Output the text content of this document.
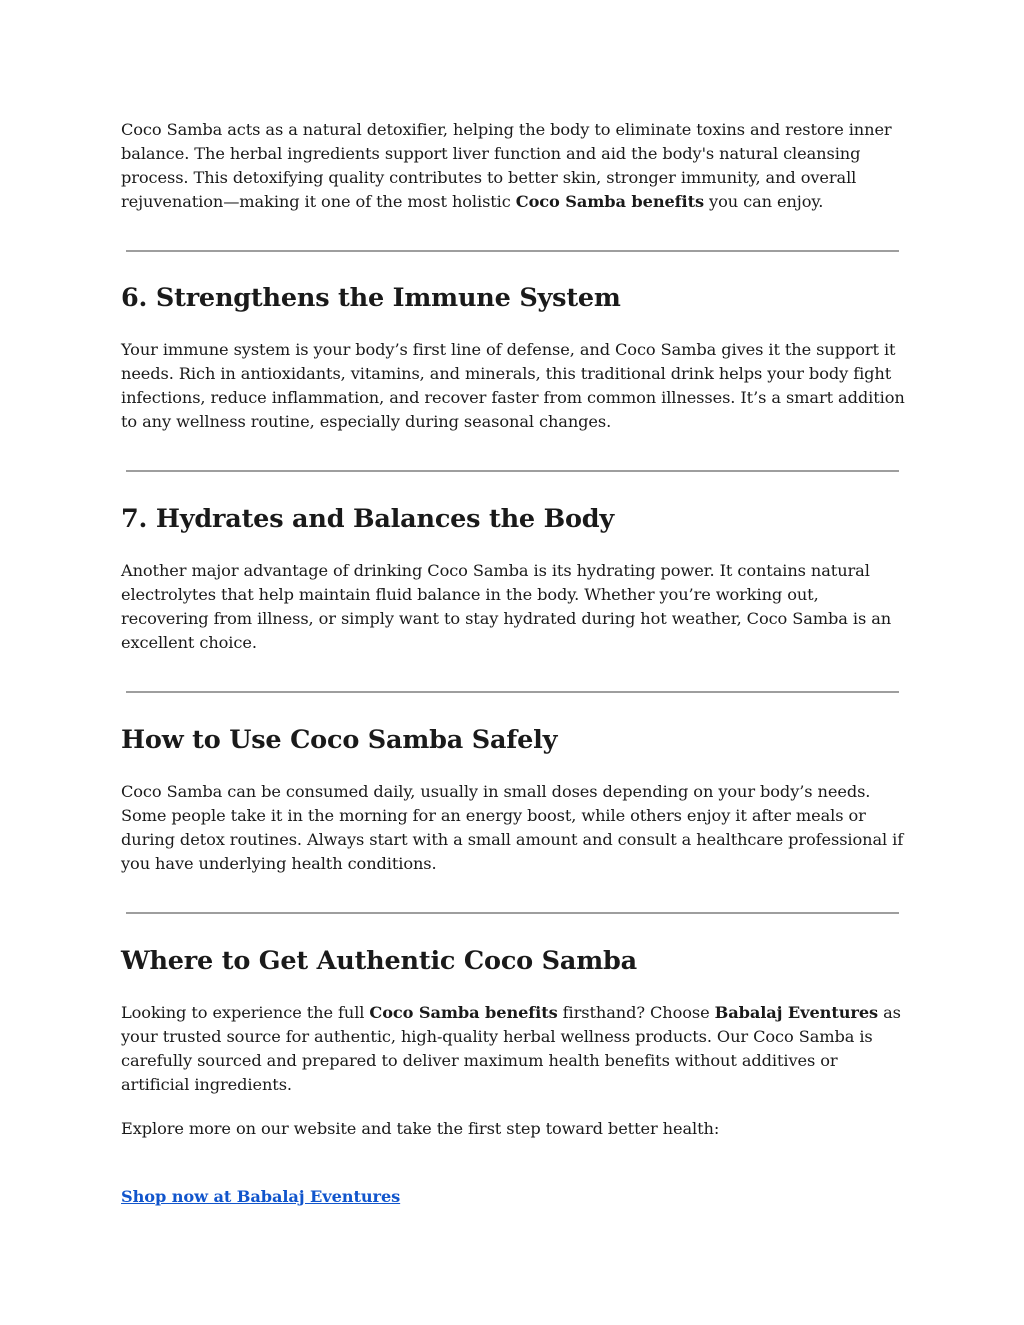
Coco Samba acts as a natural detoxifier, helping the body to eliminate toxins and restore inner balance. The herbal ingredients support liver function and aid the body's natural cleansing process. This detoxifying quality contributes to better skin, stronger immunity, and overall rejuvenation—making it one of the most holistic Coco Samba benefits you can enjoy.

6. Strengthens the Immune System

Your immune system is your body’s first line of defense, and Coco Samba gives it the support it needs. Rich in antioxidants, vitamins, and minerals, this traditional drink helps your body fight infections, reduce inflammation, and recover faster from common illnesses. It’s a smart addition to any wellness routine, especially during seasonal changes.

7. Hydrates and Balances the Body

Another major advantage of drinking Coco Samba is its hydrating power. It contains natural electrolytes that help maintain fluid balance in the body. Whether you’re working out, recovering from illness, or simply want to stay hydrated during hot weather, Coco Samba is an excellent choice.

How to Use Coco Samba Safely

Coco Samba can be consumed daily, usually in small doses depending on your body’s needs. Some people take it in the morning for an energy boost, while others enjoy it after meals or during detox routines. Always start with a small amount and consult a healthcare professional if you have underlying health conditions.

Where to Get Authentic Coco Samba

Looking to experience the full Coco Samba benefits firsthand? Choose Babalaj Eventures as your trusted source for authentic, high-quality herbal wellness products. Our Coco Samba is carefully sourced and prepared to deliver maximum health benefits without additives or artificial ingredients.

Explore more on our website and take the first step toward better health:

Shop now at Babalaj Eventures
